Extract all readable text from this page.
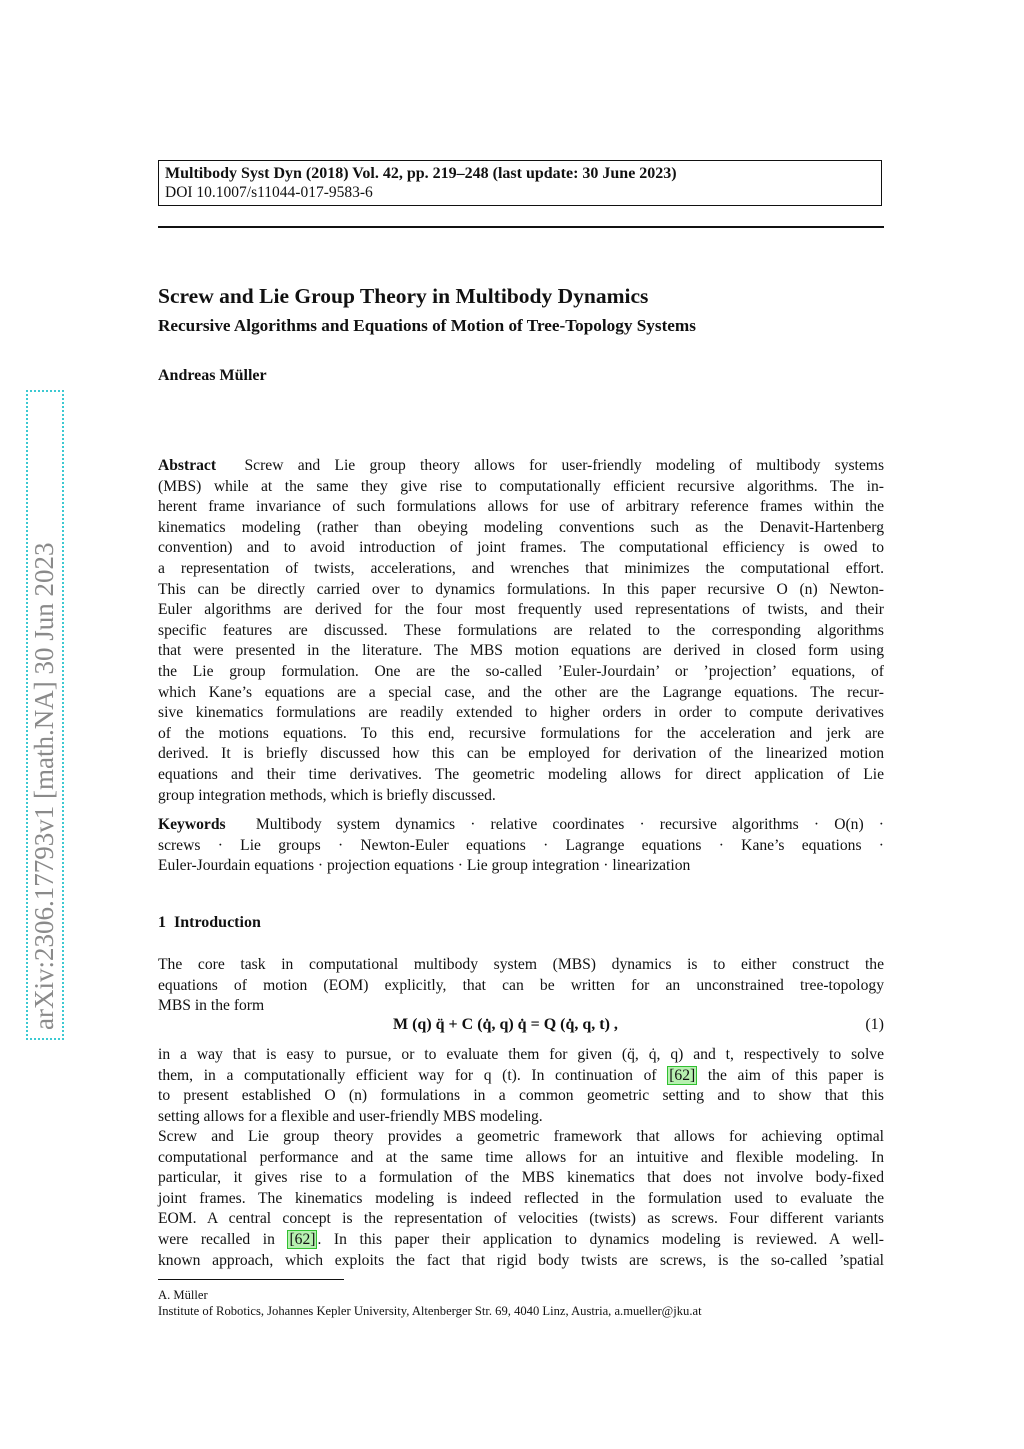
Multibody Syst Dyn (2018) Vol. 42, pp. 219–248 (last update: 30 June 2023)
DOI 10.1007/s11044-017-9583-6
arXiv:2306.17793v1 [math.NA] 30 Jun 2023
Screw and Lie Group Theory in Multibody Dynamics
Recursive Algorithms and Equations of Motion of Tree-Topology Systems
Andreas Müller
Abstract Screw and Lie group theory allows for user-friendly modeling of multibody systems
(MBS) while at the same they give rise to computationally efficient recursive algorithms. The in-
herent frame invariance of such formulations allows for use of arbitrary reference frames within the
kinematics modeling (rather than obeying modeling conventions such as the Denavit-Hartenberg
convention) and to avoid introduction of joint frames. The computational efficiency is owed to
a representation of twists, accelerations, and wrenches that minimizes the computational effort.
This can be directly carried over to dynamics formulations. In this paper recursive O (n) Newton-
Euler algorithms are derived for the four most frequently used representations of twists, and their
specific features are discussed. These formulations are related to the corresponding algorithms
that were presented in the literature. The MBS motion equations are derived in closed form using
the Lie group formulation. One are the so-called ’Euler-Jourdain’ or ’projection’ equations, of
which Kane’s equations are a special case, and the other are the Lagrange equations. The recur-
sive kinematics formulations are readily extended to higher orders in order to compute derivatives
of the motions equations. To this end, recursive formulations for the acceleration and jerk are
derived. It is briefly discussed how this can be employed for derivation of the linearized motion
equations and their time derivatives. The geometric modeling allows for direct application of Lie
group integration methods, which is briefly discussed.
Keywords Multibody system dynamics · relative coordinates · recursive algorithms · O(n) ·
screws · Lie groups · Newton-Euler equations · Lagrange equations · Kane’s equations ·
Euler-Jourdain equations · projection equations · Lie group integration · linearization
1 Introduction
The core task in computational multibody system (MBS) dynamics is to either construct the
equations of motion (EOM) explicitly, that can be written for an unconstrained tree-topology
MBS in the form
M (q) q̈ + C (q̇, q) q̇ = Q (q̇, q, t) ,	(1)
in a way that is easy to pursue, or to evaluate them for given (q̈, q̇, q) and t, respectively to solve
them, in a computationally efficient way for q (t). In continuation of [62] the aim of this paper is
to present established O (n) formulations in a common geometric setting and to show that this
setting allows for a flexible and user-friendly MBS modeling.
Screw and Lie group theory provides a geometric framework that allows for achieving optimal
computational performance and at the same time allows for an intuitive and flexible modeling. In
particular, it gives rise to a formulation of the MBS kinematics that does not involve body-fixed
joint frames. The kinematics modeling is indeed reflected in the formulation used to evaluate the
EOM. A central concept is the representation of velocities (twists) as screws. Four different variants
were recalled in [62] . In this paper their application to dynamics modeling is reviewed. A well-
known approach, which exploits the fact that rigid body twists are screws, is the so-called ’spatial
A. Müller
Institute of Robotics, Johannes Kepler University, Altenberger Str. 69, 4040 Linz, Austria, a.mueller@jku.at
